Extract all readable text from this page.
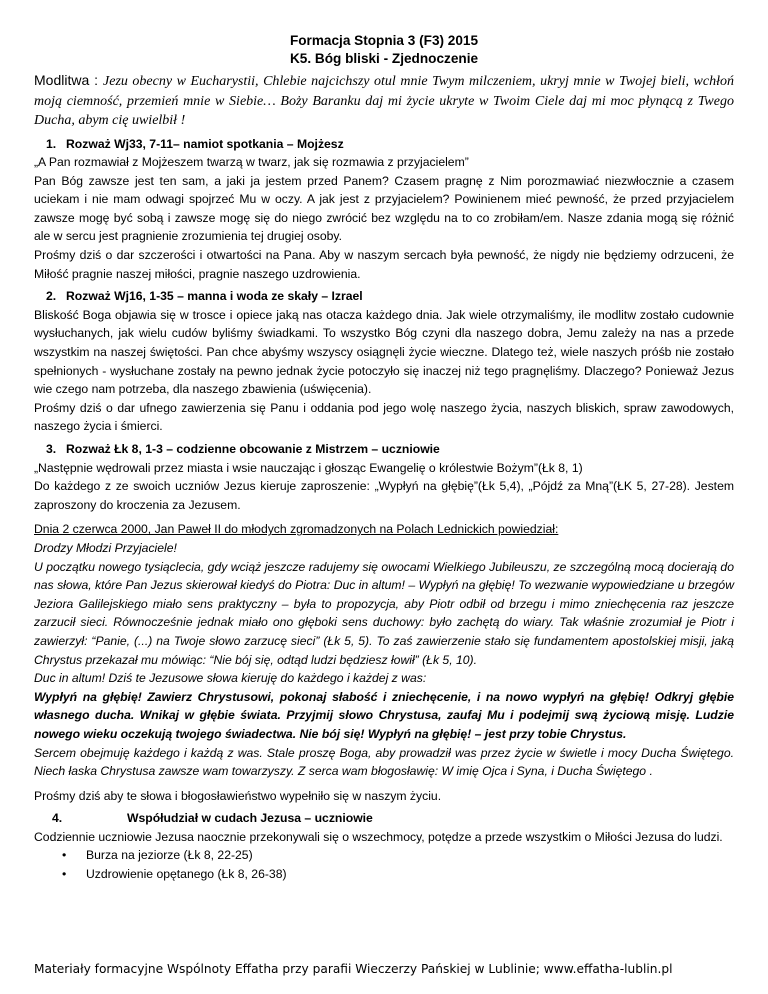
Formacja Stopnia 3 (F3) 2015
K5. Bóg bliski - Zjednoczenie

Modlitwa : Jezu obecny w Eucharystii, Chlebie najcichszy otul mnie Twym milczeniem, ukryj mnie w Twojej bieli, wchłoń moją ciemność, przemień mnie w Siebie… Boży Baranku daj mi życie ukryte w Twoim Ciele daj mi moc płynącą z Twego Ducha, abym cię uwielbił !

1. Rozważ Wj33, 7-11– namiot spotkania – Mojżesz

„A Pan rozmawiał z Mojżeszem twarzą w twarz, jak się rozmawia z przyjacielem”

Pan Bóg zawsze jest ten sam, a jaki ja jestem przed Panem? Czasem pragnę z Nim porozmawiać niezwłocznie a czasem uciekam i nie mam odwagi spojrzeć Mu w oczy. A jak jest z przyjacielem? Powinienem mieć pewność, że przed przyjacielem zawsze mogę być sobą i zawsze mogę się do niego zwrócić bez względu na to co zrobiłam/em. Nasze zdania mogą się różnić ale w sercu jest pragnienie zrozumienia tej drugiej osoby.

Prośmy dziś o dar szczerości i otwartości na Pana. Aby w naszym sercach była pewność, że nigdy nie będziemy odrzuceni, że Miłość pragnie naszej miłości, pragnie naszego uzdrowienia.

2. Rozważ Wj16, 1-35 – manna i woda ze skały – Izrael

Bliskość Boga objawia się w trosce i opiece jaką nas otacza każdego dnia. Jak wiele otrzymaliśmy, ile modlitw zostało cudownie wysłuchanych, jak wielu cudów byliśmy świadkami. To wszystko Bóg czyni dla naszego dobra, Jemu zależy na nas a przede wszystkim na naszej świętości. Pan chce abyśmy wszyscy osiągnęli życie wieczne. Dlatego też, wiele naszych próśb nie zostało spełnionych - wysłuchane zostały na pewno jednak życie potoczyło się inaczej niż tego pragnęliśmy. Dlaczego? Ponieważ Jezus wie czego nam potrzeba, dla naszego zbawienia (uświęcenia).

Prośmy dziś o dar ufnego zawierzenia się Panu i oddania pod jego wolę naszego życia, naszych bliskich, spraw zawodowych, naszego życia i śmierci.

3. Rozważ Łk 8, 1-3 – codzienne obcowanie z Mistrzem – uczniowie

„Następnie wędrowali przez miasta i wsie nauczając i głosząc Ewangelię o królestwie Bożym”(Łk 8, 1)

Do każdego z ze swoich uczniów Jezus kieruje zaproszenie: „Wypłyń na głębię”(Łk 5,4), „Pójdź za Mną”(ŁK 5, 27-28). Jestem zaproszony do kroczenia za Jezusem.

Dnia 2 czerwca 2000, Jan Paweł II do młodych zgromadzonych na Polach Lednickich powiedział:

Drodzy Młodzi Przyjaciele!

U początku nowego tysiąclecia, gdy wciąż jeszcze radujemy się owocami Wielkiego Jubileuszu, ze szczególną mocą docierają do nas słowa, które Pan Jezus skierował kiedyś do Piotra: Duc in altum! – Wypłyń na głębię! To wezwanie wypowiedziane u brzegów Jeziora Galilejskiego miało sens praktyczny – była to propozycja, aby Piotr odbił od brzegu i mimo zniechęcenia raz jeszcze zarzucił sieci. Równocześnie jednak miało ono głęboki sens duchowy: było zachętą do wiary. Tak właśnie zrozumiał je Piotr i zawierzył: “Panie, (...) na Twoje słowo zarzucę sieci” (Łk 5, 5). To zaś zawierzenie stało się fundamentem apostolskiej misji, jaką Chrystus przekazał mu mówiąc: “Nie bój się, odtąd ludzi będziesz łowił” (Łk 5, 10).

Duc in altum! Dziś te Jezusowe słowa kieruję do każdego i każdej z was:

Wypłyń na głębię! Zawierz Chrystusowi, pokonaj słabość i zniechęcenie, i na nowo wypłyń na głębię! Odkryj głębie własnego ducha. Wnikaj w głębie świata. Przyjmij słowo Chrystusa, zaufaj Mu i podejmij swą życiową misję. Ludzie nowego wieku oczekują twojego świadectwa. Nie bój się! Wypłyń na głębię! – jest przy tobie Chrystus.

Sercem obejmuję każdego i każdą z was. Stale proszę Boga, aby prowadził was przez życie w świetle i mocy Ducha Świętego. Niech łaska Chrystusa zawsze wam towarzyszy. Z serca wam błogosławię: W imię Ojca i Syna, i Ducha Świętego .

Prośmy dziś aby te słowa i błogosławieństwo wypełniło się w naszym życiu.

4.	Współudział w cudach Jezusa – uczniowie

Codziennie uczniowie Jezusa naocznie przekonywali się o wszechmocy, potędze a przede wszystkim o Miłości Jezusa do ludzi.

• Burza na jeziorze (Łk 8, 22-25)
• Uzdrowienie opętanego (Łk 8, 26-38)
Materiały formacyjne Wspólnoty Effatha przy parafii Wieczerzy Pańskiej w Lublinie; www.effatha-lublin.pl
